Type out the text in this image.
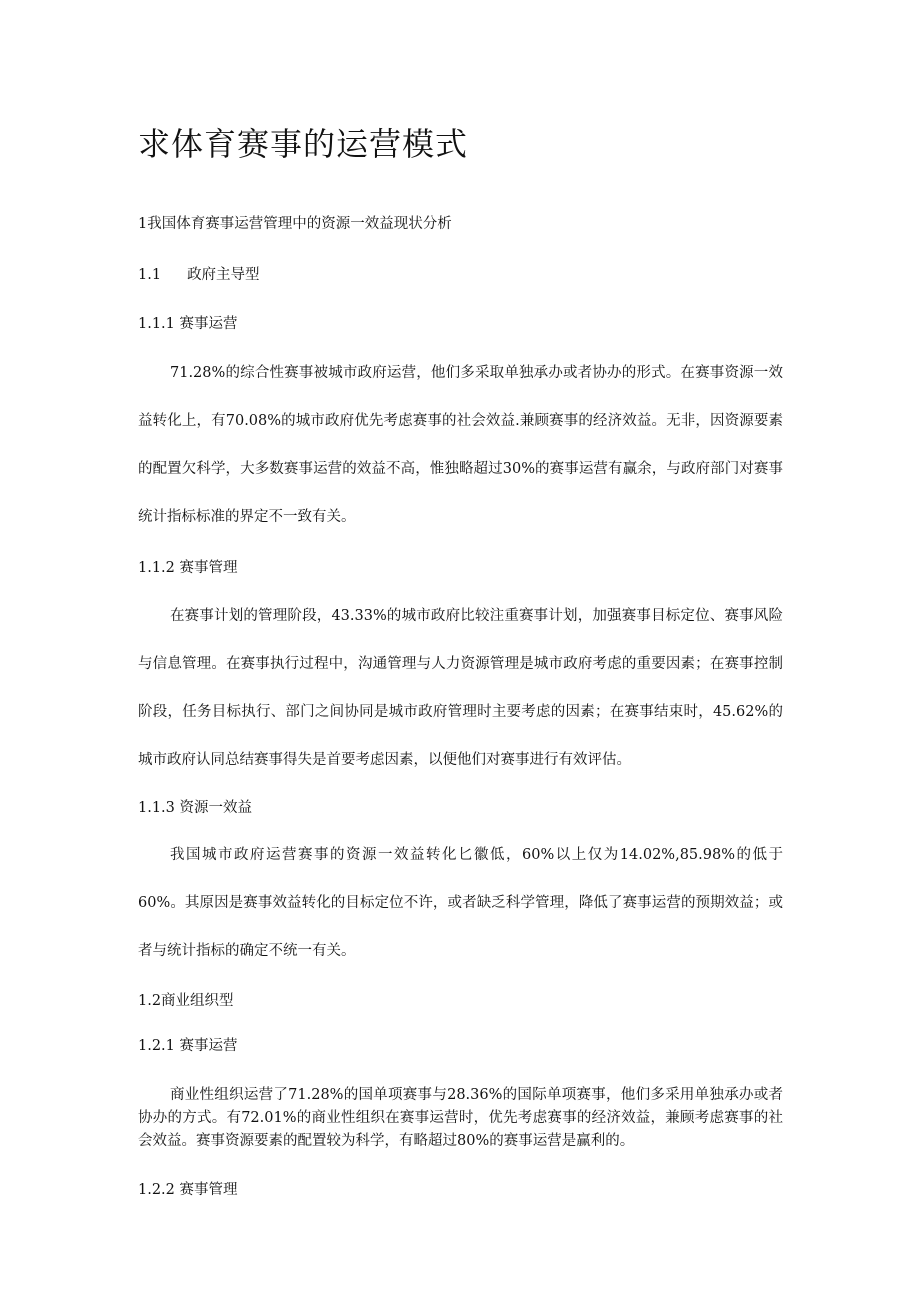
求体育赛事的运营模式

1我国体育赛事运营管理中的资源一效益现状分析

1.1 政府主导型

1.1.1 赛事运营

71.28%的综合性赛事被城市政府运营，他们多采取单独承办或者协办的形式。在赛事资源一效益转化上，有70.08%的城市政府优先考虑赛事的社会效益.兼顾赛事的经济效益。无非，因资源要素的配置欠科学，大多数赛事运营的效益不高，惟独略超过30%的赛事运营有赢余，与政府部门对赛事统计指标标准的界定不一致有关。

1.1.2 赛事管理

在赛事计划的管理阶段，43.33%的城市政府比较注重赛事计划，加强赛事目标定位、赛事风险与信息管理。在赛事执行过程中，沟通管理与人力资源管理是城市政府考虑的重要因素；在赛事控制阶段，任务目标执行、部门之间协同是城市政府管理时主要考虑的因素；在赛事结束时，45.62%的城市政府认同总结赛事得失是首要考虑因素，以便他们对赛事进行有效评估。

1.1.3 资源一效益

我国城市政府运营赛事的资源一效益转化匕徽低，60%以上仅为14.02%,85.98%的低于60%。其原因是赛事效益转化的目标定位不许，或者缺乏科学管理，降低了赛事运营的预期效益；或者与统计指标的确定不统一有关。

1.2商业组织型

1.2.1 赛事运营

商业性组织运营了71.28%的国单项赛事与28.36%的国际单项赛事，他们多采用单独承办或者协办的方式。有72.01%的商业性组织在赛事运营时，优先考虑赛事的经济效益，兼顾考虑赛事的社会效益。赛事资源要素的配置较为科学，有略超过80%的赛事运营是赢利的。

1.2.2 赛事管理
